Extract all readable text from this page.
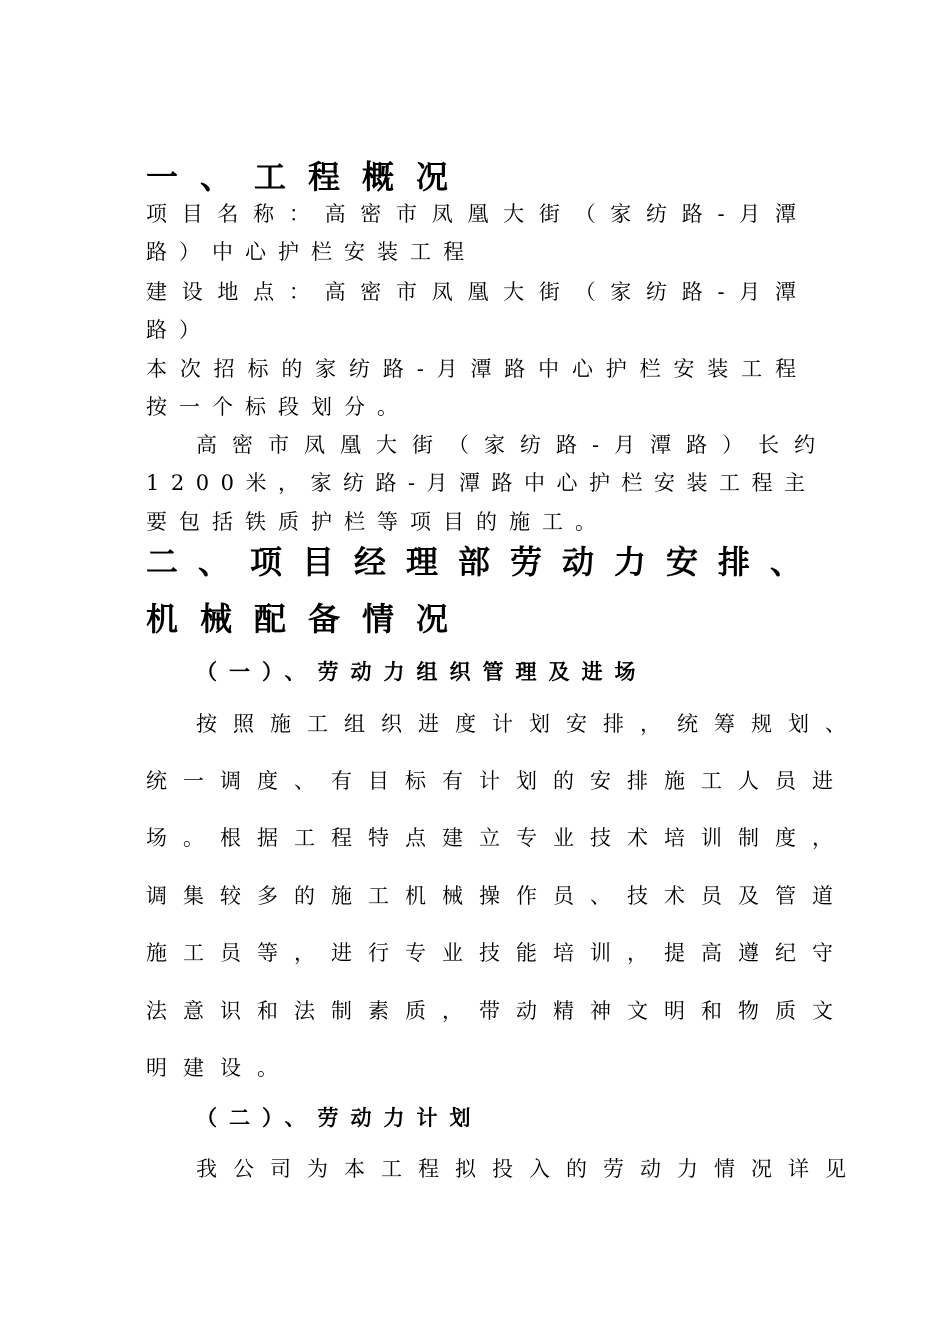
一、工程概况
项目名称：高密市凤凰大街（家纺路-月潭
路）中心护栏安装工程
建设地点：高密市凤凰大街（家纺路-月潭
路）
本次招标的家纺路-月潭路中心护栏安装工程
按一个标段划分。
高密市凤凰大街（家纺路-月潭路）长约
1200米，家纺路-月潭路中心护栏安装工程主
要包括铁质护栏等项目的施工。
二、项目经理部劳动力安排、
机械配备情况
（一）、劳动力组织管理及进场
按照施工组织进度计划安排，统筹规划、
统一调度、有目标有计划的安排施工人员进
场。根据工程特点建立专业技术培训制度，
调集较多的施工机械操作员、技术员及管道
施工员等，进行专业技能培训，提高遵纪守
法意识和法制素质，带动精神文明和物质文
明建设。
（二）、劳动力计划
我公司为本工程拟投入的劳动力情况详见
